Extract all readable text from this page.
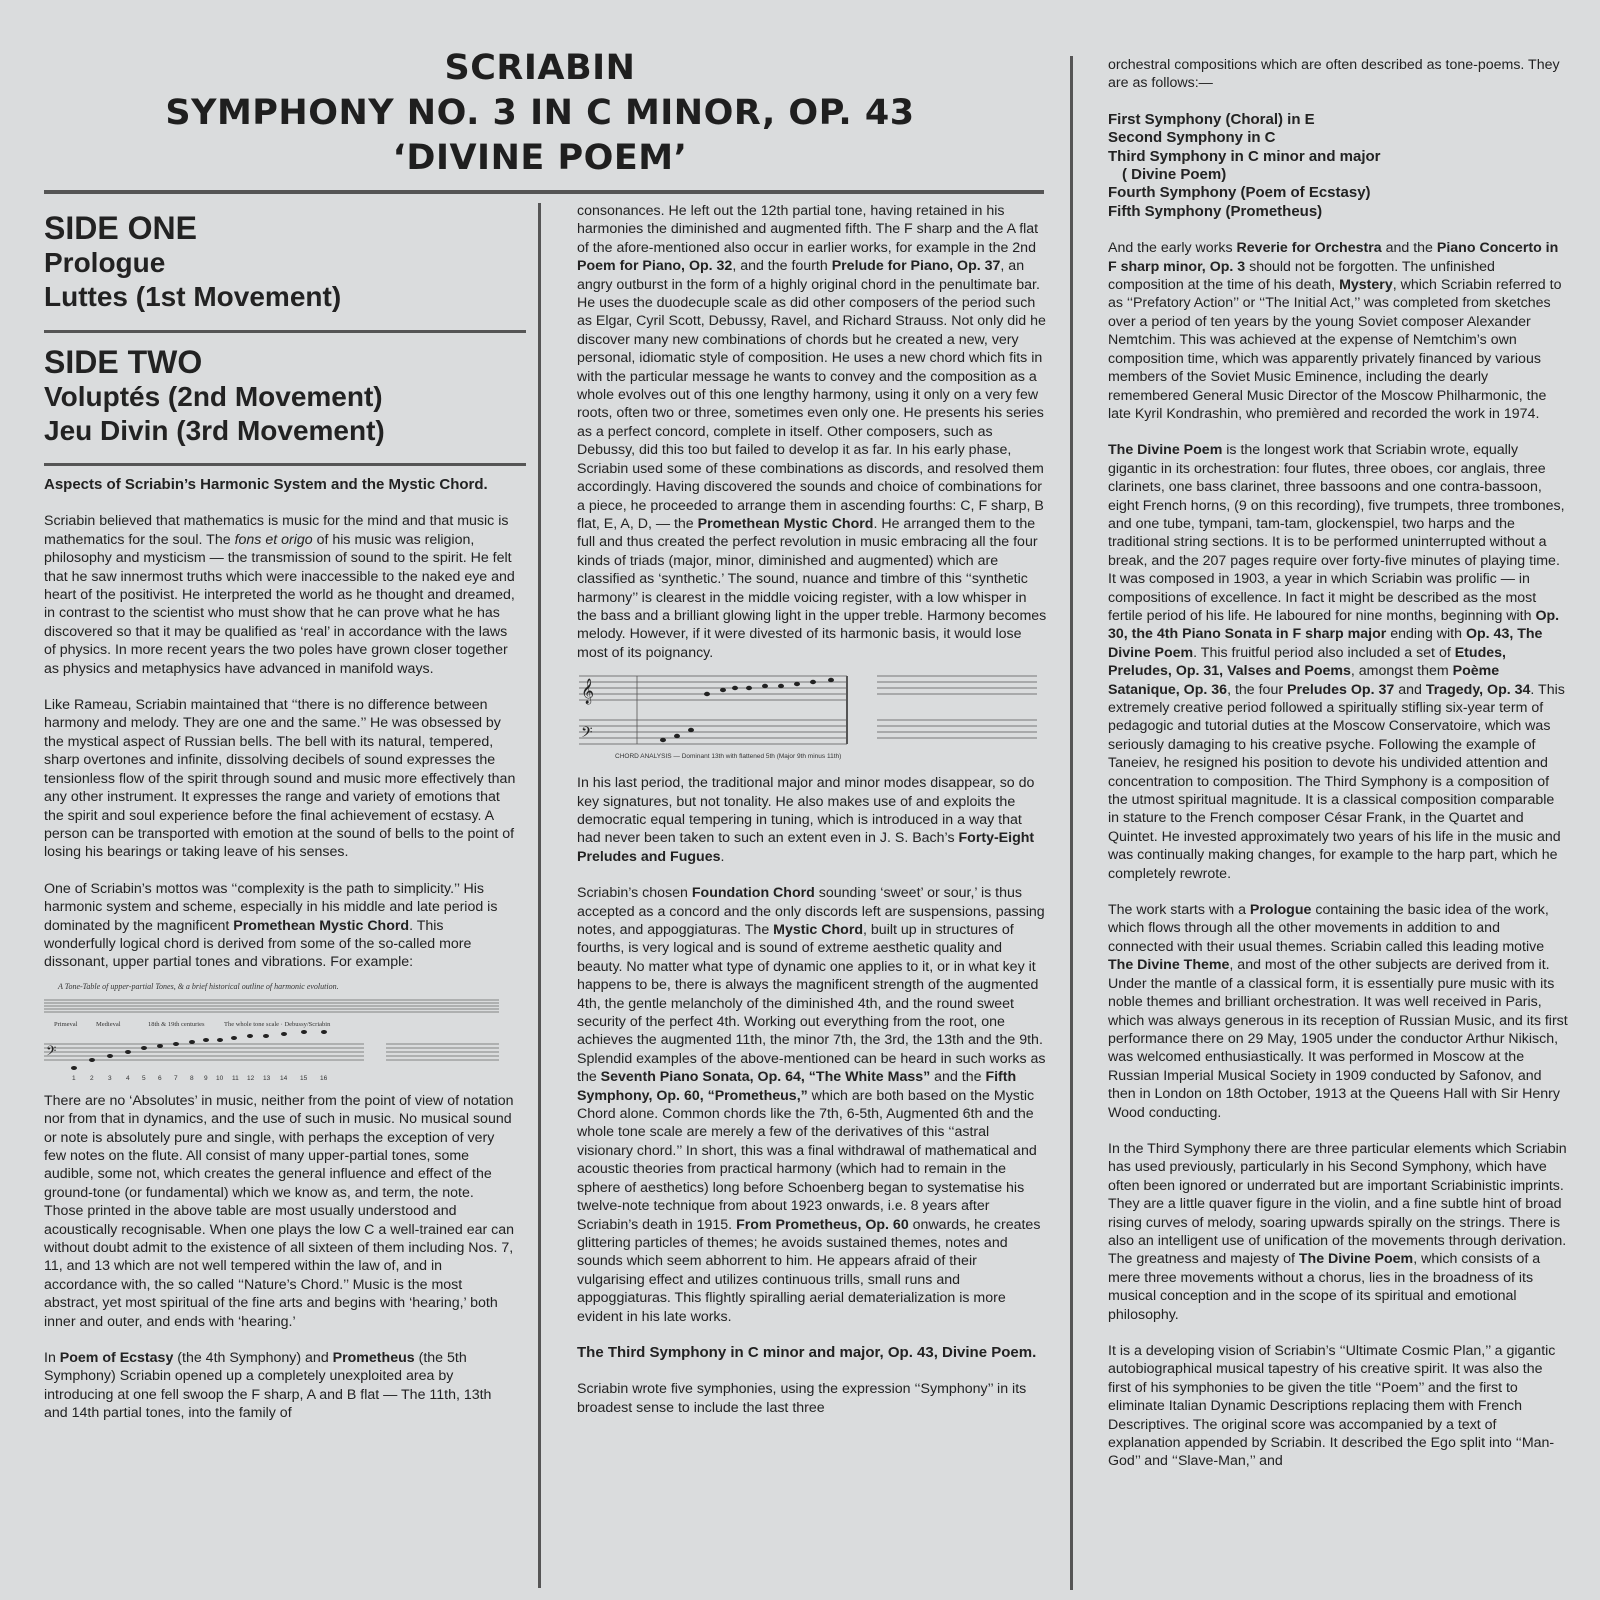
SCRIABIN
SYMPHONY NO. 3 IN C MINOR, OP. 43
‘DIVINE POEM’
SIDE ONE
Prologue
Luttes (1st Movement)
SIDE TWO
Voluptés (2nd Movement)
Jeu Divin (3rd Movement)
Aspects of Scriabin’s Harmonic System and the Mystic Chord.

Scriabin believed that mathematics is music for the mind and that music is mathematics for the soul. The fons et origo of his music was religion, philosophy and mysticism — the transmission of sound to the spirit. He felt that he saw innermost truths which were inaccessible to the naked eye and heart of the positivist. He interpreted the world as he thought and dreamed, in contrast to the scientist who must show that he can prove what he has discovered so that it may be qualified as ‘real’ in accordance with the laws of physics. In more recent years the two poles have grown closer together as physics and metaphysics have advanced in manifold ways.

Like Rameau, Scriabin maintained that ‘‘there is no difference between harmony and melody. They are one and the same.’’ He was obsessed by the mystical aspect of Russian bells. The bell with its natural, tempered, sharp overtones and infinite, dissolving decibels of sound expresses the tensionless flow of the spirit through sound and music more effectively than any other instrument. It expresses the range and variety of emotions that the spirit and soul experience before the final achievement of ecstasy. A person can be transported with emotion at the sound of bells to the point of losing his bearings or taking leave of his senses.

One of Scriabin’s mottos was ‘‘complexity is the path to simplicity.’’ His harmonic system and scheme, especially in his middle and late period is dominated by the magnificent Promethean Mystic Chord. This wonderfully logical chord is derived from some of the so-called more dissonant, upper partial tones and vibrations. For example:

A Tone-Table of upper-partial Tones, & a brief historical outline of harmonic evolution.
Primeval	Medieval	18th & 19th centuries	The whole tone scale · Debussy/Scriabin
𝄢
1 2 3 4 5 6 7 8 9 10 11 12 13 14 15 16

There are no ‘Absolutes’ in music, neither from the point of view of notation nor from that in dynamics, and the use of such in music. No musical sound or note is absolutely pure and single, with perhaps the exception of very few notes on the flute. All consist of many upper-partial tones, some audible, some not, which creates the general influence and effect of the ground-tone (or fundamental) which we know as, and term, the note. Those printed in the above table are most usually understood and acoustically recognisable. When one plays the low C a well-trained ear can without doubt admit to the existence of all sixteen of them including Nos. 7, 11, and 13 which are not well tempered within the law of, and in accordance with, the so called ‘‘Nature’s Chord.’’ Music is the most abstract, yet most spiritual of the fine arts and begins with ‘hearing,’ both inner and outer, and ends with ‘hearing.’

In Poem of Ecstasy (the 4th Symphony) and Prometheus (the 5th Symphony) Scriabin opened up a completely unexploited area by introducing at one fell swoop the F sharp, A and B flat — The 11th, 13th and 14th partial tones, into the family of

consonances. He left out the 12th partial tone, having retained in his harmonies the diminished and augmented fifth. The F sharp and the A flat of the afore-mentioned also occur in earlier works, for example in the 2nd Poem for Piano, Op. 32, and the fourth Prelude for Piano, Op. 37, an angry outburst in the form of a highly original chord in the penultimate bar.

He uses the duodecuple scale as did other composers of the period such as Elgar, Cyril Scott, Debussy, Ravel, and Richard Strauss. Not only did he discover many new combinations of chords but he created a new, very personal, idiomatic style of composition. He uses a new chord which fits in with the particular message he wants to convey and the composition as a whole evolves out of this one lengthy harmony, using it only on a very few roots, often two or three, sometimes even only one. He presents his series as a perfect concord, complete in itself. Other composers, such as Debussy, did this too but failed to develop it as far. In his early phase, Scriabin used some of these combinations as discords, and resolved them accordingly. Having discovered the sounds and choice of combinations for a piece, he proceeded to arrange them in ascending fourths: C, F sharp, B flat, E, A, D, — the Promethean Mystic Chord. He arranged them to the full and thus created the perfect revolution in music embracing all the four kinds of triads (major, minor, diminished and augmented) which are classified as ‘synthetic.’ The sound, nuance and timbre of this ‘‘synthetic harmony’’ is clearest in the middle voicing register, with a low whisper in the bass and a brilliant glowing light in the upper treble. Harmony becomes melody. However, if it were divested of its harmonic basis, it would lose most of its poignancy.

𝄞
𝄢
CHORD ANALYSIS — Dominant 13th with flattened 5th (Major 9th minus 11th)

In his last period, the traditional major and minor modes disappear, so do key signatures, but not tonality. He also makes use of and exploits the democratic equal tempering in tuning, which is introduced in a way that had never been taken to such an extent even in J. S. Bach’s Forty-Eight Preludes and Fugues.

Scriabin’s chosen Foundation Chord sounding ‘sweet’ or sour,’ is thus accepted as a concord and the only discords left are suspensions, passing notes, and appoggiaturas. The Mystic Chord, built up in structures of fourths, is very logical and is sound of extreme aesthetic quality and beauty. No matter what type of dynamic one applies to it, or in what key it happens to be, there is always the magnificent strength of the augmented 4th, the gentle melancholy of the diminished 4th, and the round sweet security of the perfect 4th. Working out everything from the root, one achieves the augmented 11th, the minor 7th, the 3rd, the 13th and the 9th. Splendid examples of the above-mentioned can be heard in such works as the Seventh Piano Sonata, Op. 64, “The White Mass” and the Fifth Symphony, Op. 60, “Prometheus,” which are both based on the Mystic Chord alone. Common chords like the 7th, 6-5th, Augmented 6th and the whole tone scale are merely a few of the derivatives of this ‘‘astral visionary chord.’’ In short, this was a final withdrawal of mathematical and acoustic theories from practical harmony (which had to remain in the sphere of aesthetics) long before Schoenberg began to systematise his twelve-note technique from about 1923 onwards, i.e. 8 years after Scriabin’s death in 1915. From Prometheus, Op. 60 onwards, he creates glittering particles of themes; he avoids sustained themes, notes and sounds which seem abhorrent to him. He appears afraid of their vulgarising effect and utilizes continuous trills, small runs and appoggiaturas. This flightly spiralling aerial dematerialization is more evident in his late works.

The Third Symphony in C minor and major, Op. 43, Divine Poem.

Scriabin wrote five symphonies, using the expression ‘‘Symphony’’ in its broadest sense to include the last three

orchestral compositions which are often described as tone-poems. They are as follows:—

First Symphony (Choral) in E
Second Symphony in C
Third Symphony in C minor and major
( Divine Poem)
Fourth Symphony (Poem of Ecstasy)
Fifth Symphony (Prometheus)

And the early works Reverie for Orchestra and the Piano Concerto in F sharp minor, Op. 3 should not be forgotten. The unfinished composition at the time of his death, Mystery, which Scriabin referred to as ‘‘Prefatory Action’’ or ‘‘The Initial Act,’’ was completed from sketches over a period of ten years by the young Soviet composer Alexander Nemtchim. This was achieved at the expense of Nemtchim’s own composition time, which was apparently privately financed by various members of the Soviet Music Eminence, including the dearly remembered General Music Director of the Moscow Philharmonic, the late Kyril Kondrashin, who premièred and recorded the work in 1974.

The Divine Poem is the longest work that Scriabin wrote, equally gigantic in its orchestration: four flutes, three oboes, cor anglais, three clarinets, one bass clarinet, three bassoons and one contra-bassoon, eight French horns, (9 on this recording), five trumpets, three trombones, and one tube, tympani, tam-tam, glockenspiel, two harps and the traditional string sections. It is to be performed uninterrupted without a break, and the 207 pages require over forty-five minutes of playing time. It was composed in 1903, a year in which Scriabin was prolific — in compositions of excellence. In fact it might be described as the most fertile period of his life. He laboured for nine months, beginning with Op. 30, the 4th Piano Sonata in F sharp major ending with Op. 43, The Divine Poem. This fruitful period also included a set of Etudes, Preludes, Op. 31, Valses and Poems, amongst them Poème Satanique, Op. 36, the four Preludes Op. 37 and Tragedy, Op. 34. This extremely creative period followed a spiritually stifling six-year term of pedagogic and tutorial duties at the Moscow Conservatoire, which was seriously damaging to his creative psyche. Following the example of Taneiev, he resigned his position to devote his undivided attention and concentration to composition. The Third Symphony is a composition of the utmost spiritual magnitude. It is a classical composition comparable in stature to the French composer César Frank, in the Quartet and Quintet. He invested approximately two years of his life in the music and was continually making changes, for example to the harp part, which he completely rewrote.

The work starts with a Prologue containing the basic idea of the work, which flows through all the other movements in addition to and connected with their usual themes. Scriabin called this leading motive The Divine Theme, and most of the other subjects are derived from it. Under the mantle of a classical form, it is essentially pure music with its noble themes and brilliant orchestration. It was well received in Paris, which was always generous in its reception of Russian Music, and its first performance there on 29 May, 1905 under the conductor Arthur Nikisch, was welcomed enthusiastically. It was performed in Moscow at the Russian Imperial Musical Society in 1909 conducted by Safonov, and then in London on 18th October, 1913 at the Queens Hall with Sir Henry Wood conducting.

In the Third Symphony there are three particular elements which Scriabin has used previously, particularly in his Second Symphony, which have often been ignored or underrated but are important Scriabinistic imprints. They are a little quaver figure in the violin, and a fine subtle hint of broad rising curves of melody, soaring upwards spirally on the strings. There is also an intelligent use of unification of the movements through derivation. The greatness and majesty of The Divine Poem, which consists of a mere three movements without a chorus, lies in the broadness of its musical conception and in the scope of its spiritual and emotional philosophy.

It is a developing vision of Scriabin’s ‘‘Ultimate Cosmic Plan,’’ a gigantic autobiographical musical tapestry of his creative spirit. It was also the first of his symphonies to be given the title ‘‘Poem’’ and the first to eliminate Italian Dynamic Descriptions replacing them with French Descriptives. The original score was accompanied by a text of explanation appended by Scriabin. It described the Ego split into ‘‘Man-God’’ and ‘‘Slave-Man,’’ and
